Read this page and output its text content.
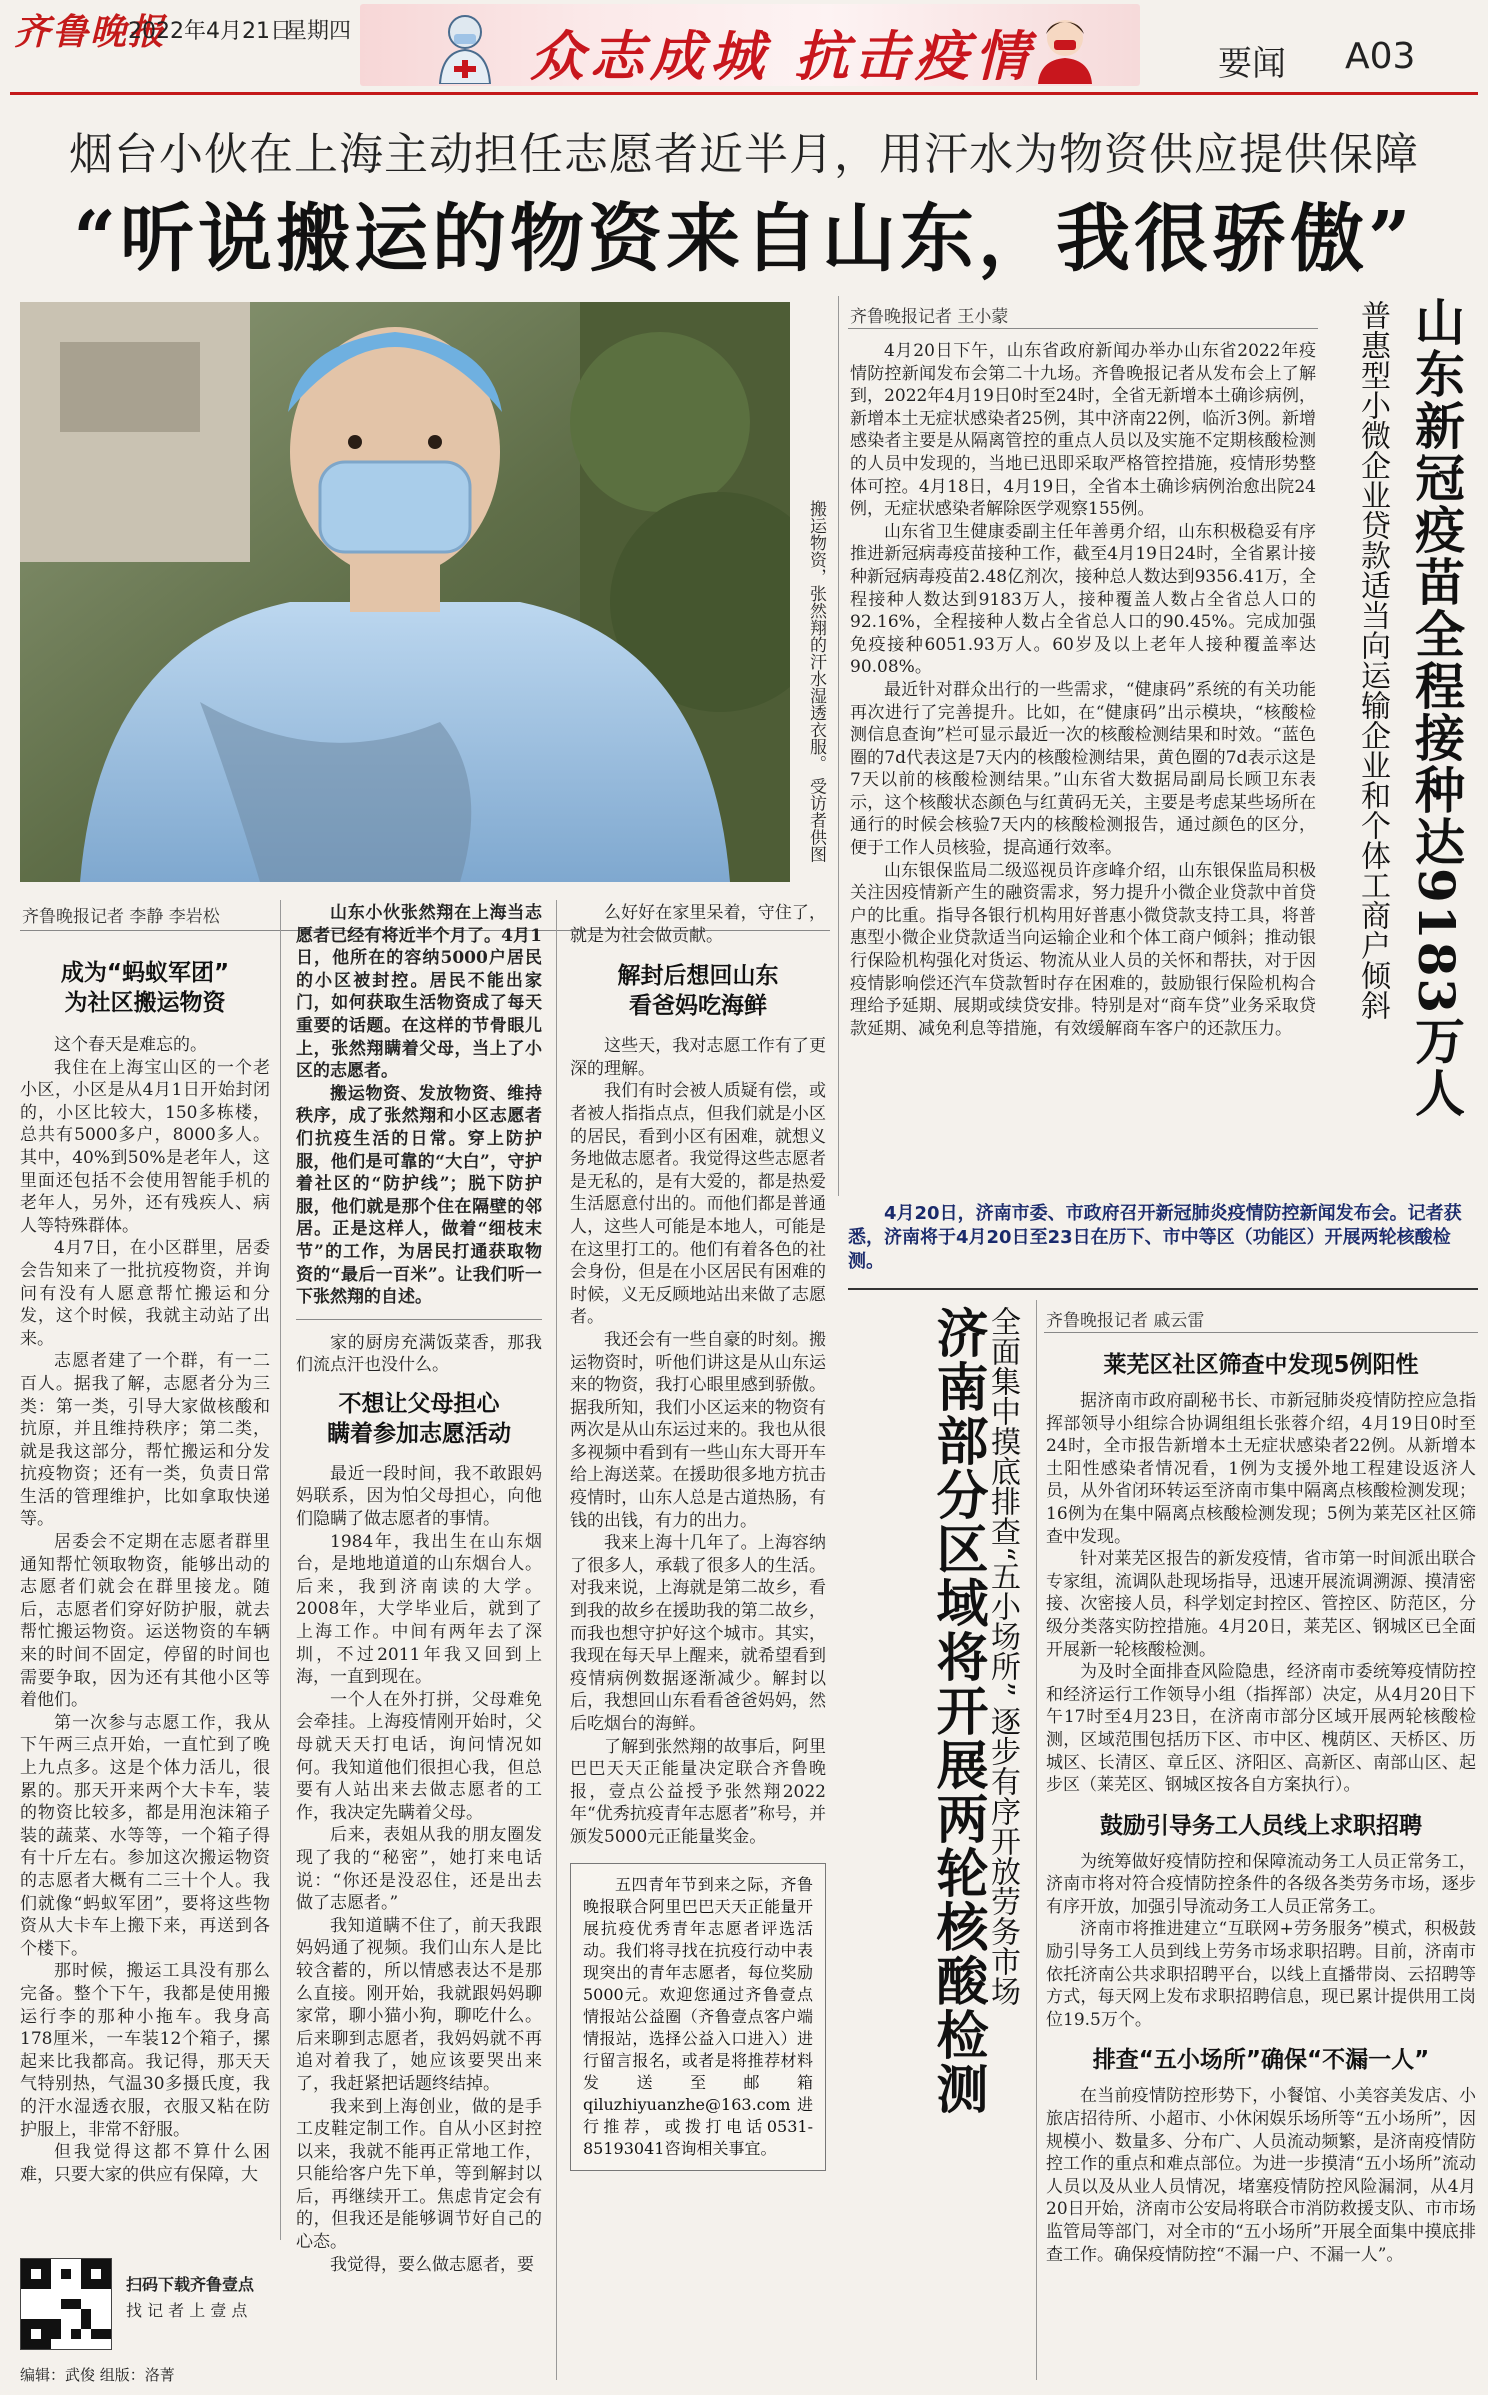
齐鲁晚报
2022年4月21日
星期四	众志成城 抗击疫情	要闻 A03
烟台小伙在上海主动担任志愿者近半月，用汗水为物资供应提供保障
“听说搬运的物资来自山东，我很骄傲”
搬运物资，张然翔的汗水湿透衣服。 受访者供图
齐鲁晚报记者 李静 李岩松
成为“蚂蚁军团”
为社区搬运物资

这个春天是难忘的。

我住在上海宝山区的一个老小区，小区是从4月1日开始封闭的，小区比较大，150多栋楼，总共有5000多户，8000多人。其中，40%到50%是老年人，这里面还包括不会使用智能手机的老年人，另外，还有残疾人、病人等特殊群体。

4月7日，在小区群里，居委会告知来了一批抗疫物资，并询问有没有人愿意帮忙搬运和分发，这个时候，我就主动站了出来。

志愿者建了一个群，有一二百人。据我了解，志愿者分为三类：第一类，引导大家做核酸和抗原，并且维持秩序；第二类，就是我这部分，帮忙搬运和分发抗疫物资；还有一类，负责日常生活的管理维护，比如拿取快递等。

居委会不定期在志愿者群里通知帮忙领取物资，能够出动的志愿者们就会在群里接龙。随后，志愿者们穿好防护服，就去帮忙搬运物资。运送物资的车辆来的时间不固定，停留的时间也需要争取，因为还有其他小区等着他们。

第一次参与志愿工作，我从下午两三点开始，一直忙到了晚上九点多。这是个体力活儿，很累的。那天开来两个大卡车，装的物资比较多，都是用泡沫箱子装的蔬菜、水等等，一个箱子得有十斤左右。参加这次搬运物资的志愿者大概有二三十个人。我们就像“蚂蚁军团”，要将这些物资从大卡车上搬下来，再送到各个楼下。

那时候，搬运工具没有那么完备。整个下午，我都是使用搬运行李的那种小拖车。我身高178厘米，一车装12个箱子，摞起来比我都高。我记得，那天天气特别热，气温30多摄氏度，我的汗水湿透衣服，衣服又粘在防护服上，非常不舒服。

但我觉得这都不算什么困难，只要大家的供应有保障，大

扫码下载齐鲁壹点
找 记 者 上 壹 点
编辑：武俊 组版：洛菁

山东小伙张然翔在上海当志愿者已经有将近半个月了。4月1日，他所在的容纳5000户居民的小区被封控。居民不能出家门，如何获取生活物资成了每天重要的话题。在这样的节骨眼儿上，张然翔瞒着父母，当上了小区的志愿者。

搬运物资、发放物资、维持秩序，成了张然翔和小区志愿者们抗疫生活的日常。穿上防护服，他们是可靠的“大白”，守护着社区的“防护线”；脱下防护服，他们就是那个住在隔壁的邻居。正是这样人，做着“细枝末节”的工作，为居民打通获取物资的“最后一百米”。让我们听一下张然翔的自述。

家的厨房充满饭菜香，那我们流点汗也没什么。

不想让父母担心
瞒着参加志愿活动

最近一段时间，我不敢跟妈妈联系，因为怕父母担心，向他们隐瞒了做志愿者的事情。

1984年，我出生在山东烟台，是地地道道的山东烟台人。后来，我到济南读的大学。2008年，大学毕业后，就到了上海工作。中间有两年去了深圳，不过2011年我又回到上海，一直到现在。

一个人在外打拼，父母难免会牵挂。上海疫情刚开始时，父母就天天打电话，询问情况如何。我知道他们很担心我，但总要有人站出来去做志愿者的工作，我决定先瞒着父母。

后来，表姐从我的朋友圈发现了我的“秘密”，她打来电话说：“你还是没忍住，还是出去做了志愿者。”

我知道瞒不住了，前天我跟妈妈通了视频。我们山东人是比较含蓄的，所以情感表达不是那么直接。刚开始，我就跟妈妈聊家常，聊小猫小狗，聊吃什么。后来聊到志愿者，我妈妈就不再追对着我了，她应该要哭出来了，我赶紧把话题终结掉。

我来到上海创业，做的是手工皮鞋定制工作。自从小区封控以来，我就不能再正常地工作，只能给客户先下单，等到解封以后，再继续开工。焦虑肯定会有的，但我还是能够调节好自己的心态。

我觉得，要么做志愿者，要

么好好在家里呆着，守住了，就是为社会做贡献。

解封后想回山东
看爸妈吃海鲜

这些天，我对志愿工作有了更深的理解。

我们有时会被人质疑有偿，或者被人指指点点，但我们就是小区的居民，看到小区有困难，就想义务地做志愿者。我觉得这些志愿者是无私的，是有大爱的，都是热爱生活愿意付出的。而他们都是普通人，这些人可能是本地人，可能是在这里打工的。他们有着各色的社会身份，但是在小区居民有困难的时候，义无反顾地站出来做了志愿者。

我还会有一些自豪的时刻。搬运物资时，听他们讲这是从山东运来的物资，我打心眼里感到骄傲。据我所知，我们小区运来的物资有两次是从山东运过来的。我也从很多视频中看到有一些山东大哥开车给上海送菜。在援助很多地方抗击疫情时，山东人总是古道热肠，有钱的出钱，有力的出力。

我来上海十几年了。上海容纳了很多人，承载了很多人的生活。对我来说，上海就是第二故乡，看到我的故乡在援助我的第二故乡，而我也想守护好这个城市。其实，我现在每天早上醒来，就希望看到疫情病例数据逐渐减少。解封以后，我想回山东看看爸爸妈妈，然后吃烟台的海鲜。

了解到张然翔的故事后，阿里巴巴天天正能量决定联合齐鲁晚报，壹点公益授予张然翔2022年“优秀抗疫青年志愿者”称号，并颁发5000元正能量奖金。

五四青年节到来之际，齐鲁晚报联合阿里巴巴天天正能量开展抗疫优秀青年志愿者评选活动。我们将寻找在抗疫行动中表现突出的青年志愿者，每位奖励5000元。欢迎您通过齐鲁壹点情报站公益圈（齐鲁壹点客户端情报站，选择公益入口进入）进行留言报名，或者是将推荐材料发送至邮箱qiluzhiyuanzhe@163.com进行推荐，或拨打电话0531-85193041咨询相关事宜。

齐鲁晚报记者 王小蒙

4月20日下午，山东省政府新闻办举办山东省2022年疫情防控新闻发布会第二十九场。齐鲁晚报记者从发布会上了解到，2022年4月19日0时至24时，全省无新增本土确诊病例，新增本土无症状感染者25例，其中济南22例，临沂3例。新增感染者主要是从隔离管控的重点人员以及实施不定期核酸检测的人员中发现的，当地已迅即采取严格管控措施，疫情形势整体可控。4月18日，4月19日，全省本土确诊病例治愈出院24例，无症状感染者解除医学观察155例。

山东省卫生健康委副主任年善勇介绍，山东积极稳妥有序推进新冠病毒疫苗接种工作，截至4月19日24时，全省累计接种新冠病毒疫苗2.48亿剂次，接种总人数达到9356.41万，全程接种人数达到9183万人，接种覆盖人数占全省总人口的92.16%，全程接种人数占全省总人口的90.45%。完成加强免疫接种6051.93万人。60岁及以上老年人接种覆盖率达90.08%。

最近针对群众出行的一些需求，“健康码”系统的有关功能再次进行了完善提升。比如，在“健康码”出示模块，“核酸检测信息查询”栏可显示最近一次的核酸检测结果和时效。“蓝色圈的7d代表这是7天内的核酸检测结果，黄色圈的7d表示这是7天以前的核酸检测结果。”山东省大数据局副局长顾卫东表示，这个核酸状态颜色与红黄码无关，主要是考虑某些场所在通行的时候会核验7天内的核酸检测报告，通过颜色的区分，便于工作人员核验，提高通行效率。

山东银保监局二级巡视员许彦峰介绍，山东银保监局积极关注因疫情新产生的融资需求，努力提升小微企业贷款中首贷户的比重。指导各银行机构用好普惠小微贷款支持工具，将普惠型小微企业贷款适当向运输企业和个体工商户倾斜；推动银行保险机构强化对货运、物流从业人员的关怀和帮扶，对于因疫情影响偿还汽车贷款暂时存在困难的，鼓励银行保险机构合理给予延期、展期或续贷安排。特别是对“商车贷”业务采取贷款延期、减免利息等措施，有效缓解商车客户的还款压力。	山东新冠疫苗全程接种达9183万人
普惠型小微企业贷款适当向运输企业和个体工商户倾斜
4月20日，济南市委、市政府召开新冠肺炎疫情防控新闻发布会。记者获悉，济南将于4月20日至23日在历下、市中等区（功能区）开展两轮核酸检测。
济南部分区域将开展两轮核酸检测
全面集中摸底排查“五小场所” 逐步有序开放劳务市场 齐鲁晚报记者 戚云雷
莱芜区社区筛查中发现5例阳性

据济南市政府副秘书长、市新冠肺炎疫情防控应急指挥部领导小组综合协调组组长张蓉介绍，4月19日0时至24时，全市报告新增本土无症状感染者22例。从新增本土阳性感染者情况看，1例为支援外地工程建设返济人员，从外省闭环转运至济南市集中隔离点核酸检测发现；16例为在集中隔离点核酸检测发现；5例为莱芜区社区筛查中发现。

针对莱芜区报告的新发疫情，省市第一时间派出联合专家组，流调队赴现场指导，迅速开展流调溯源、摸清密接、次密接人员，科学划定封控区、管控区、防范区，分级分类落实防控措施。4月20日，莱芜区、钢城区已全面开展新一轮核酸检测。

为及时全面排查风险隐患，经济南市委统筹疫情防控和经济运行工作领导小组（指挥部）决定，从4月20日下午17时至4月23日，在济南市部分区域开展两轮核酸检测，区域范围包括历下区、市中区、槐荫区、天桥区、历城区、长清区、章丘区、济阳区、高新区、南部山区、起步区（莱芜区、钢城区按各自方案执行）。

鼓励引导务工人员线上求职招聘

为统筹做好疫情防控和保障流动务工人员正常务工，济南市将对符合疫情防控条件的各级各类劳务市场，逐步有序开放，加强引导流动务工人员正常务工。

济南市将推进建立“互联网+劳务服务”模式，积极鼓励引导务工人员到线上劳务市场求职招聘。目前，济南市依托济南公共求职招聘平台，以线上直播带岗、云招聘等方式，每天网上发布求职招聘信息，现已累计提供用工岗位19.5万个。

排查“五小场所”确保“不漏一人”

在当前疫情防控形势下，小餐馆、小美容美发店、小旅店招待所、小超市、小休闲娱乐场所等“五小场所”，因规模小、数量多、分布广、人员流动频繁，是济南疫情防控工作的重点和难点部位。为进一步摸清“五小场所”流动人员以及从业人员情况，堵塞疫情防控风险漏洞，从4月20日开始，济南市公安局将联合市消防救援支队、市市场监管局等部门，对全市的“五小场所”开展全面集中摸底排查工作。确保疫情防控“不漏一户、不漏一人”。
